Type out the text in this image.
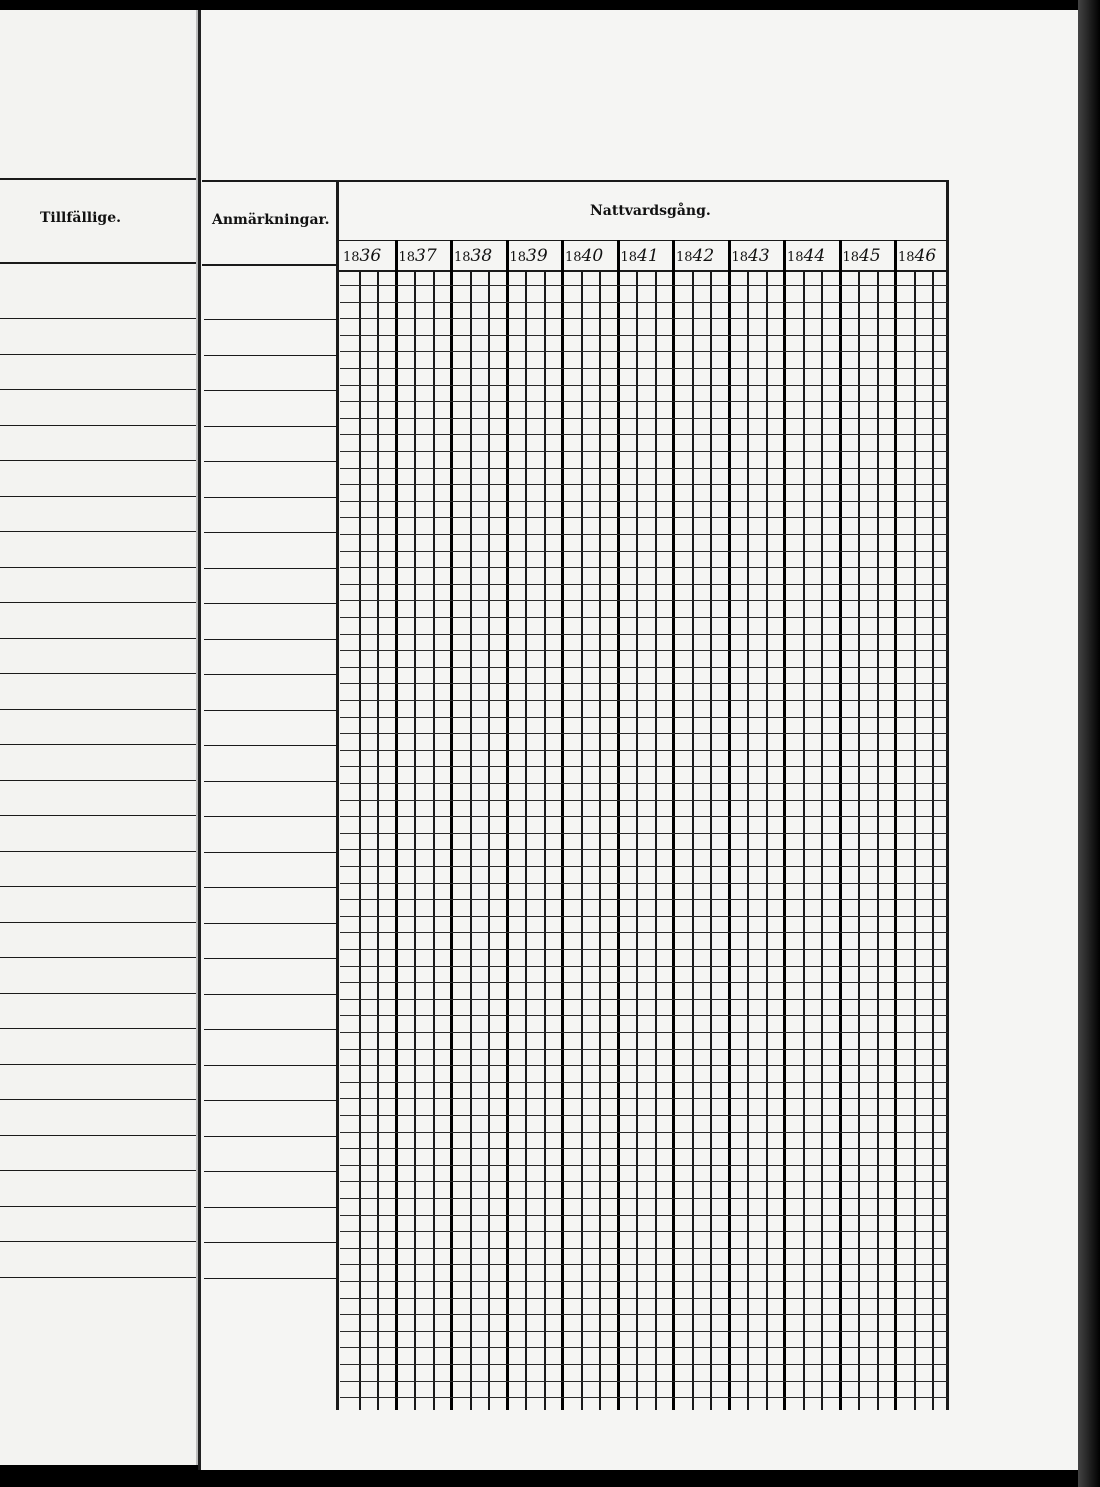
Tillfällige.	Anmärkningar.
Nattvardsgång.
1836 1837 1838 1839 1840 1841 1842 1843 1844 1845 1846
